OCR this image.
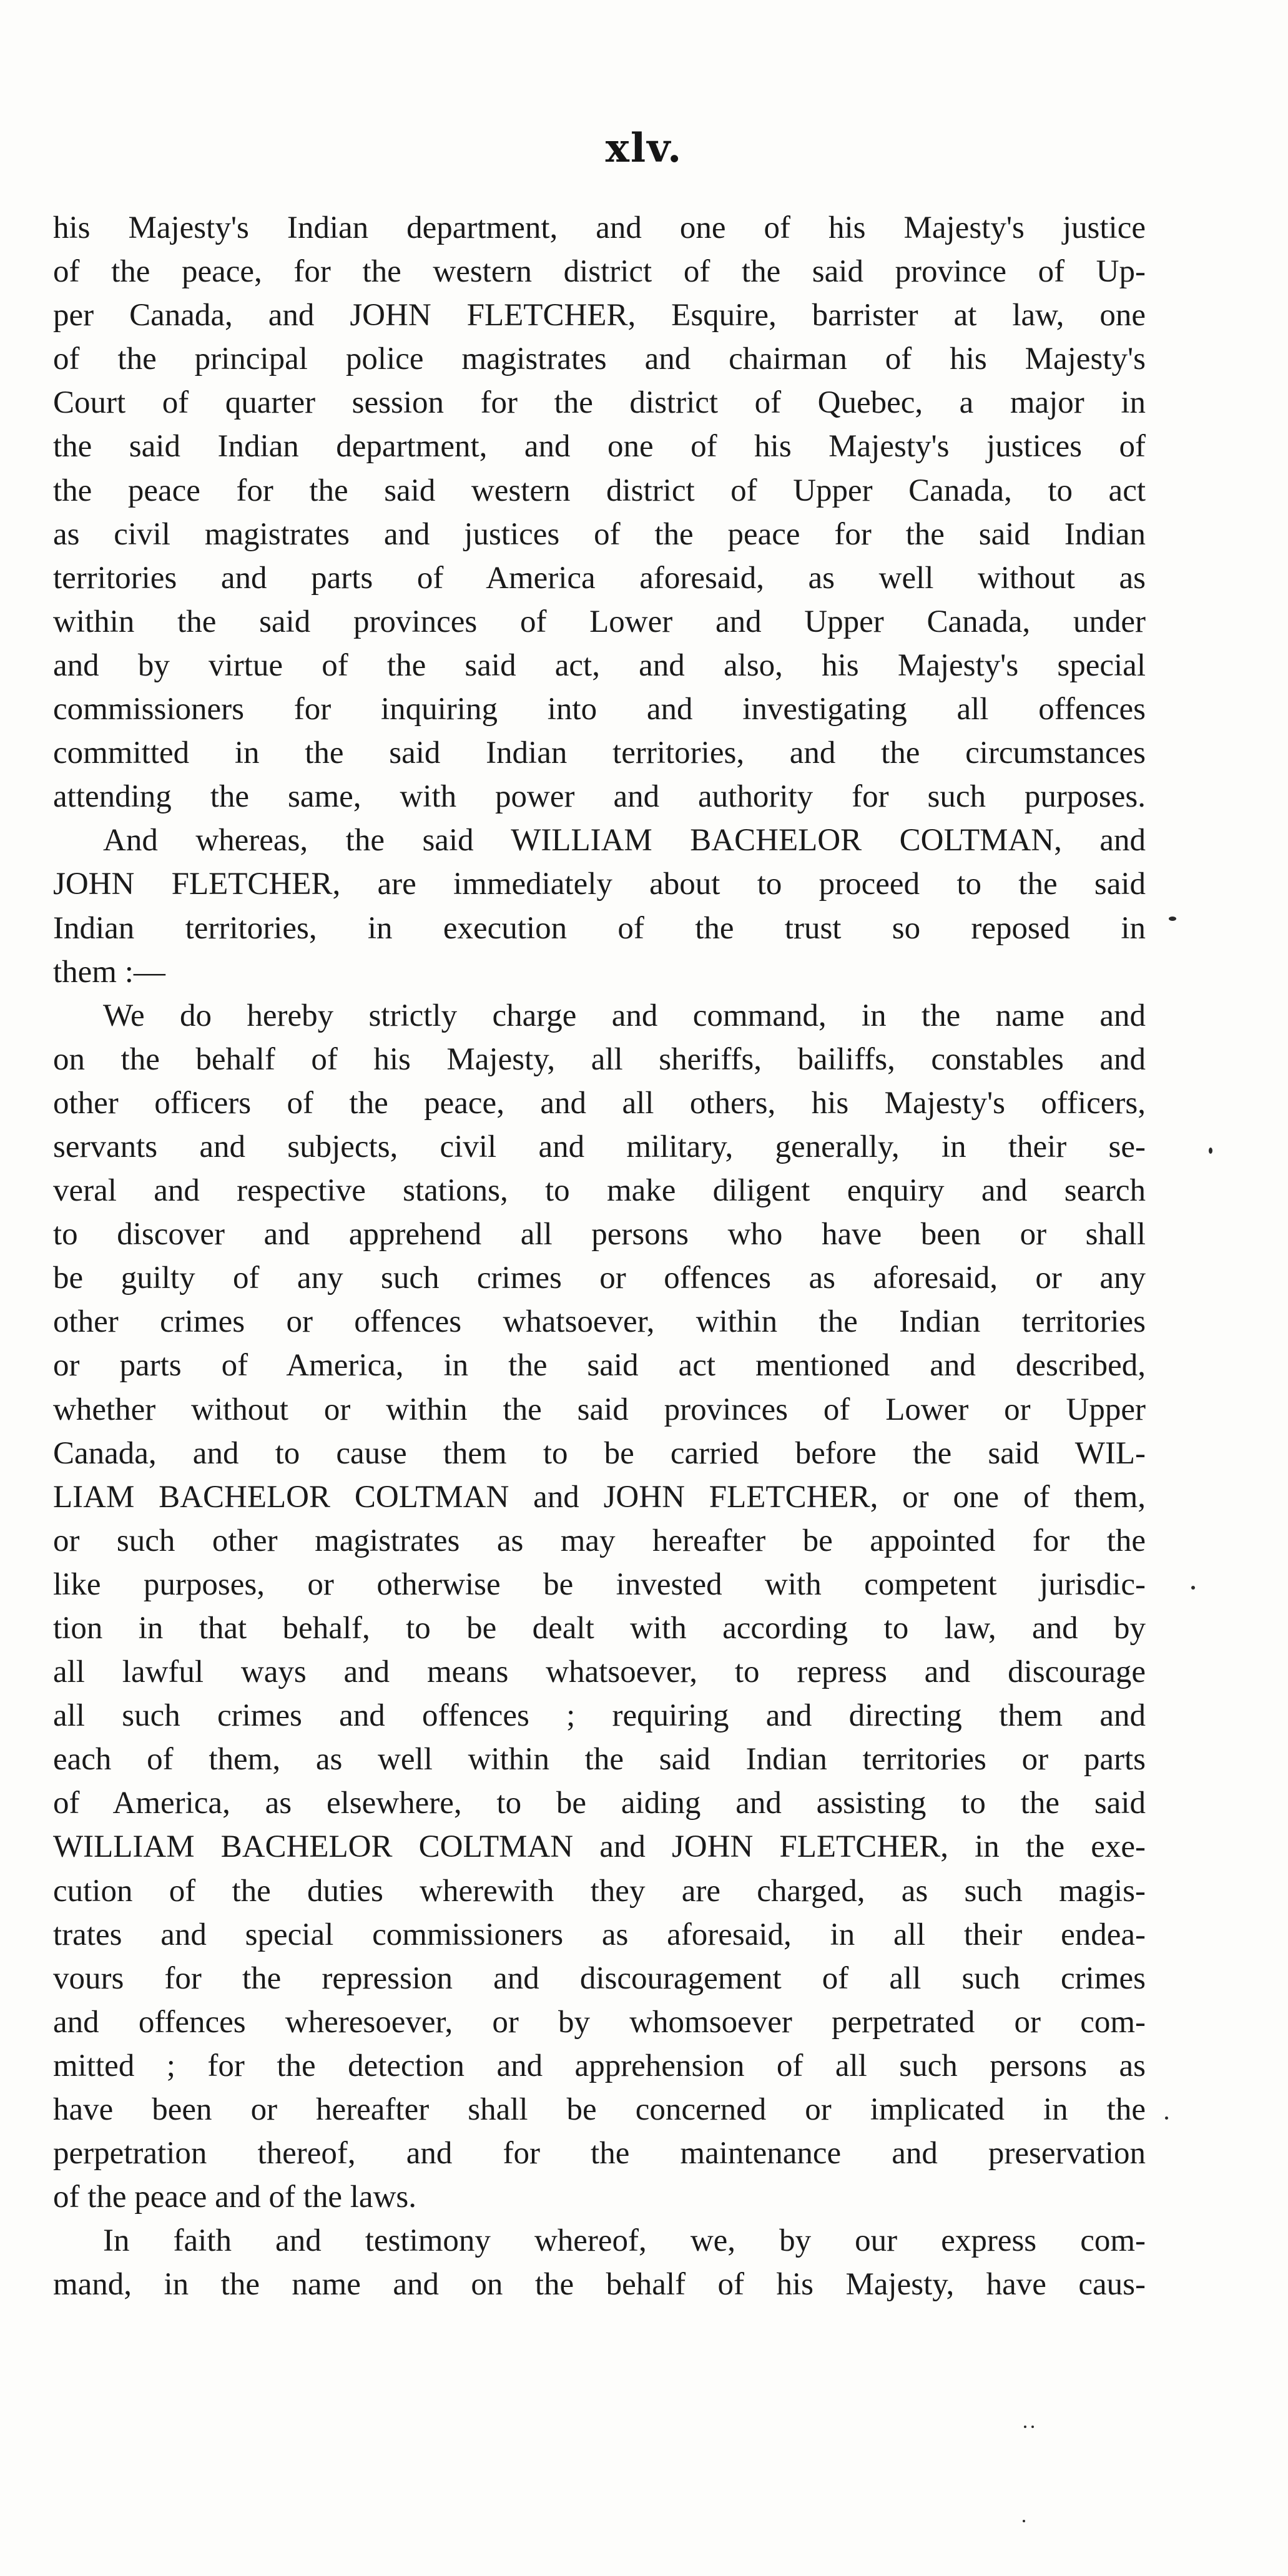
xlv.
his Majesty's Indian department, and one of his Majesty's justice
of the peace, for the western district of the said province of Up-
per Canada, and JOHN FLETCHER, Esquire, barrister at law, one
of the principal police magistrates and chairman of his Majesty's
Court of quarter session for the district of Quebec, a major in
the said Indian department, and one of his Majesty's justices of
the peace for the said western district of Upper Canada, to act
as civil magistrates and justices of the peace for the said Indian
territories and parts of America aforesaid, as well without as
within the said provinces of Lower and Upper Canada, under
and by virtue of the said act, and also, his Majesty's special
commissioners for inquiring into and investigating all offences
committed in the said Indian territories, and the circumstances
attending the same, with power and authority for such purposes.
And whereas, the said WILLIAM BACHELOR COLTMAN, and
JOHN FLETCHER, are immediately about to proceed to the said
Indian territories, in execution of the trust so reposed in
them :—
We do hereby strictly charge and command, in the name and
on the behalf of his Majesty, all sheriffs, bailiffs, constables and
other officers of the peace, and all others, his Majesty's officers,
servants and subjects, civil and military, generally, in their se-
veral and respective stations, to make diligent enquiry and search
to discover and apprehend all persons who have been or shall
be guilty of any such crimes or offences as aforesaid, or any
other crimes or offences whatsoever, within the Indian territories
or parts of America, in the said act mentioned and described,
whether without or within the said provinces of Lower or Upper
Canada, and to cause them to be carried before the said WIL-
LIAM BACHELOR COLTMAN and JOHN FLETCHER, or one of them,
or such other magistrates as may hereafter be appointed for the
like purposes, or otherwise be invested with competent jurisdic-
tion in that behalf, to be dealt with according to law, and by
all lawful ways and means whatsoever, to repress and discourage
all such crimes and offences ; requiring and directing them and
each of them, as well within the said Indian territories or parts
of America, as elsewhere, to be aiding and assisting to the said
WILLIAM BACHELOR COLTMAN and JOHN FLETCHER, in the exe-
cution of the duties wherewith they are charged, as such magis-
trates and special commissioners as aforesaid, in all their endea-
vours for the repression and discouragement of all such crimes
and offences wheresoever, or by whomsoever perpetrated or com-
mitted ; for the detection and apprehension of all such persons as
have been or hereafter shall be concerned or implicated in the
perpetration thereof, and for the maintenance and preservation
of the peace and of the laws.
In faith and testimony whereof, we, by our express com-
mand, in the name and on the behalf of his Majesty, have caus-
